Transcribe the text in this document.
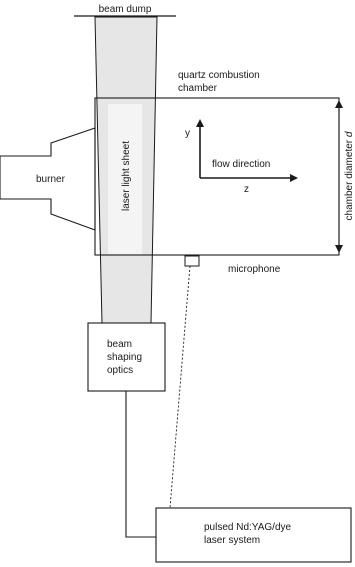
beam dump
burner
quartz combustion
chamber
laser light sheet
y
z
flow direction	chamber diameter d
microphone
beam
shaping
optics
pulsed Nd:YAG/dye
laser system
